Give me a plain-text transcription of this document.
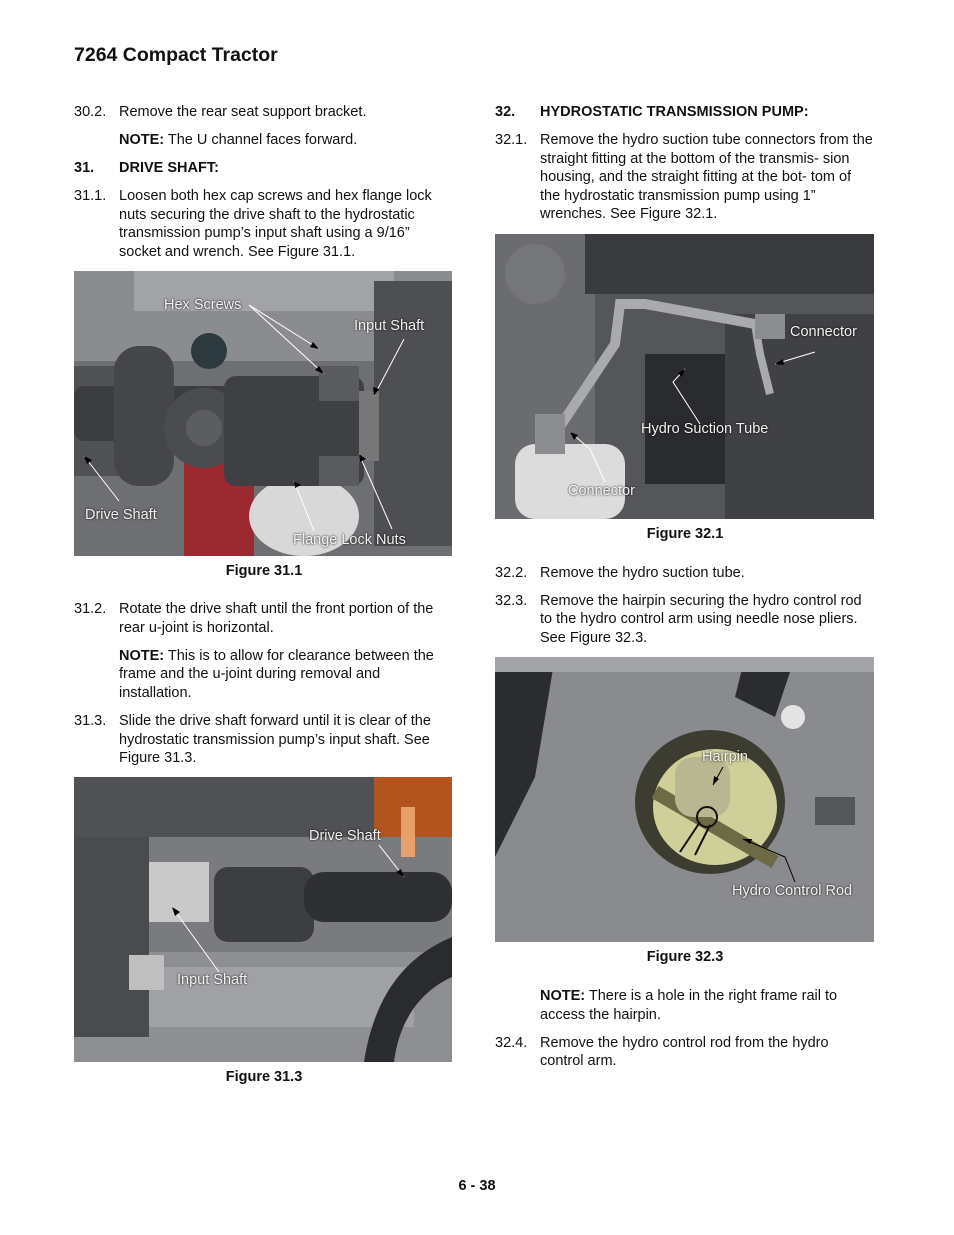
7264 Compact Tractor
30.2. Remove the rear seat support bracket.
NOTE: The U channel faces forward.
31.	DRIVE SHAFT:
31.1. Loosen both hex cap screws and hex flange lock nuts securing the drive shaft to the hydrostatic transmission pump’s input shaft using a 9/16” socket and wrench. See Figure 31.1.
Hex Screws
Input Shaft
Drive Shaft
Flange Lock Nuts
Figure 31.1
31.2. Rotate the drive shaft until the front portion of the rear u-joint is horizontal.
NOTE: This is to allow for clearance between the frame and the u-joint during removal and installation.
31.3. Slide the drive shaft forward until it is clear of the hydrostatic transmission pump’s input shaft. See Figure 31.3.
Drive Shaft
Input Shaft
Figure 31.3
32.	HYDROSTATIC TRANSMISSION PUMP:
32.1. Remove the hydro suction tube connectors from the straight fitting at the bottom of the transmis- sion housing, and the straight fitting at the bot- tom of the hydrostatic transmission pump using 1” wrenches. See Figure 32.1.
Connector
Hydro Suction Tube
Connector
Figure 32.1
32.2. Remove the hydro suction tube.
32.3. Remove the hairpin securing the hydro control rod to the hydro control arm using needle nose pliers. See Figure 32.3.
Hairpin
Hydro Control Rod
Figure 32.3
NOTE: There is a hole in the right frame rail to access the hairpin.
32.4. Remove the hydro control rod from the hydro control arm.
6 - 38
